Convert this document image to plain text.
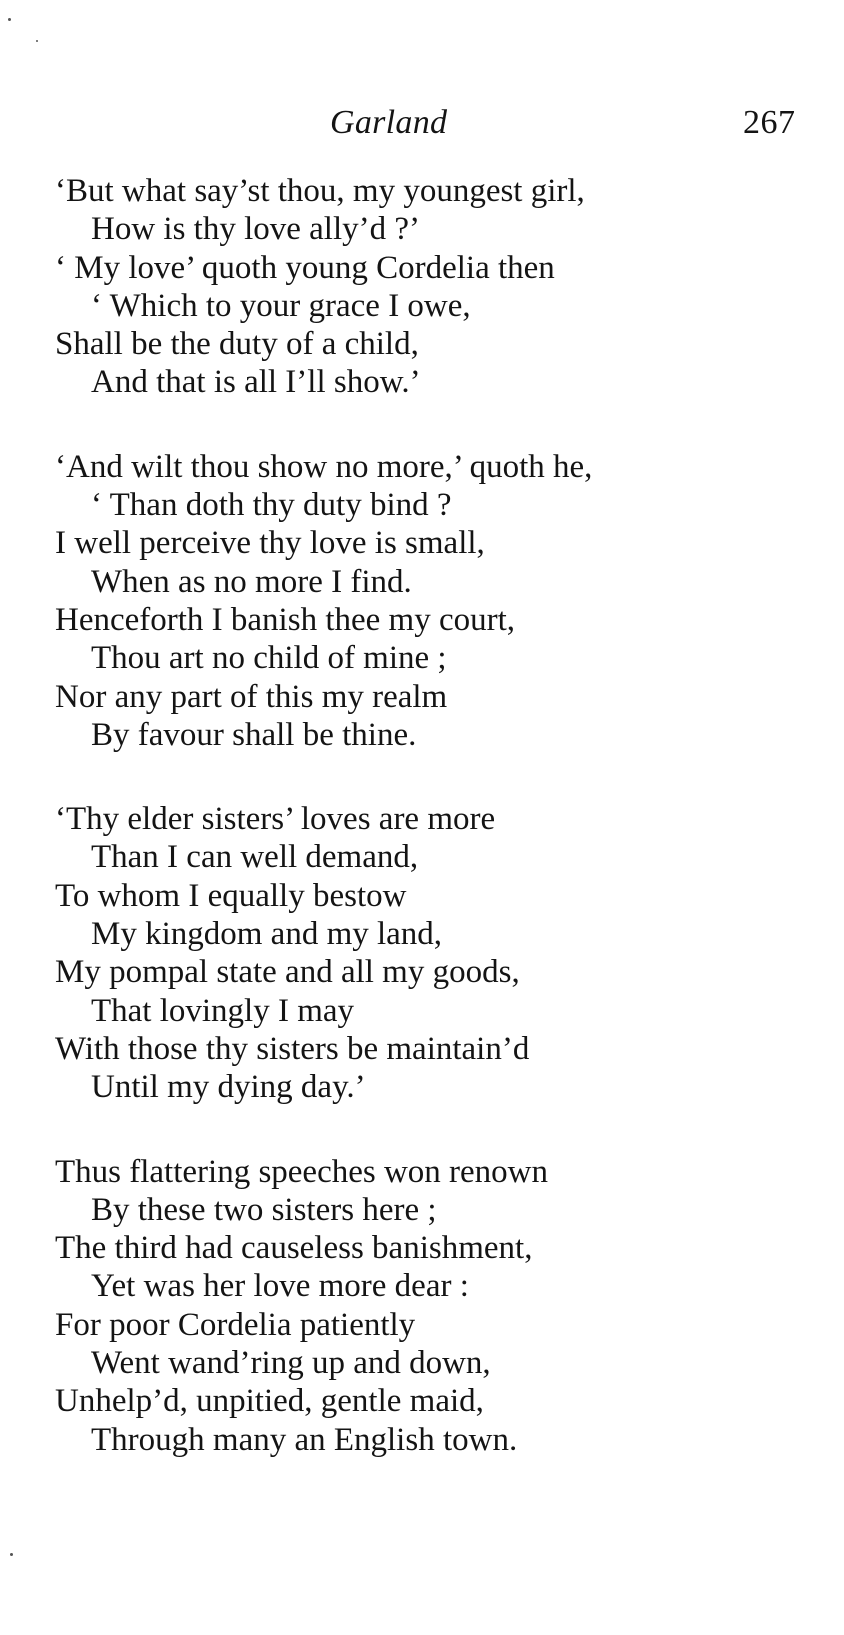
Garland	267
‘But what say’st thou, my youngest girl,
How is thy love ally’d ?’
‘ My love’ quoth young Cordelia then
‘ Which to your grace I owe,
Shall be the duty of a child,
And that is all I’ll show.’
‘And wilt thou show no more,’ quoth he,
‘ Than doth thy duty bind ?
I well perceive thy love is small,
When as no more I find.
Henceforth I banish thee my court,
Thou art no child of mine ;
Nor any part of this my realm
By favour shall be thine.
‘Thy elder sisters’ loves are more
Than I can well demand,
To whom I equally bestow
My kingdom and my land,
My pompal state and all my goods,
That lovingly I may
With those thy sisters be maintain’d
Until my dying day.’
Thus flattering speeches won renown
By these two sisters here ;
The third had causeless banishment,
Yet was her love more dear :
For poor Cordelia patiently
Went wand’ring up and down,
Unhelp’d, unpitied, gentle maid,
Through many an English town.
